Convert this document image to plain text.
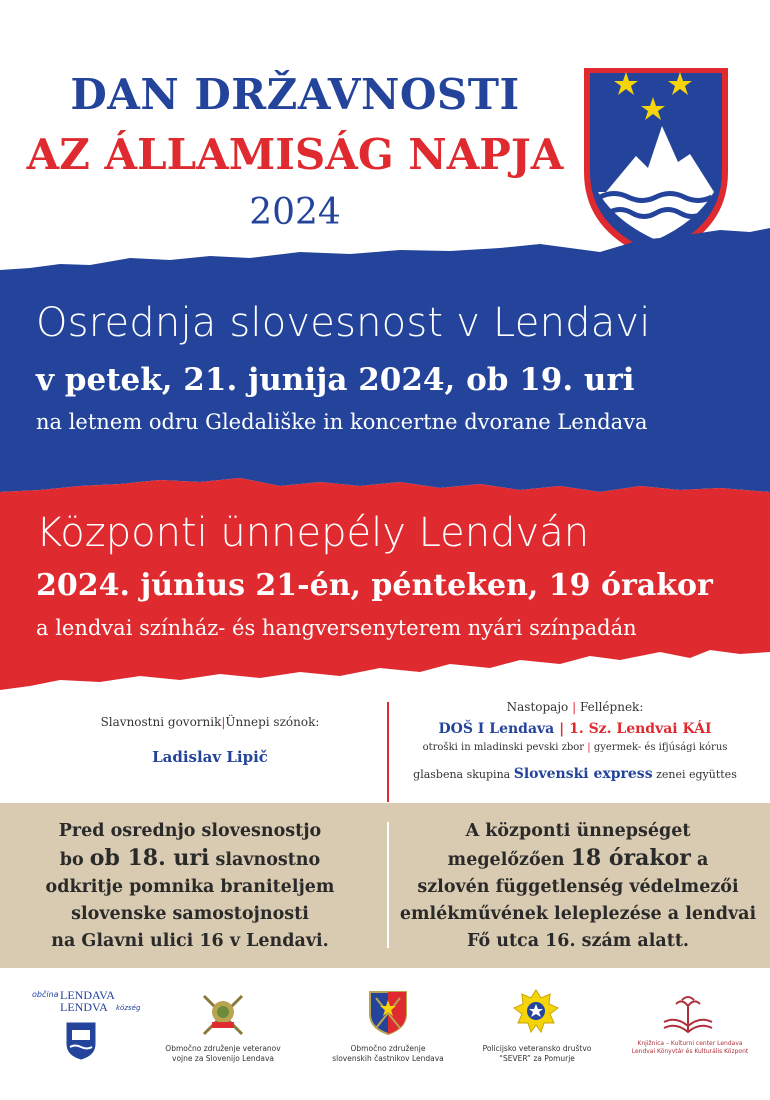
DAN DRŽAVNOSTI
AZ ÁLLAMISÁG NAPJA
2024
Osrednja slovesnost v Lendavi
v petek, 21. junija 2024, ob 19. uri
na letnem odru Gledališke in koncertne dvorane Lendava
Központi ünnepély Lendván
2024. június 21-én, pénteken, 19 órakor
a lendvai színház- és hangversenyterem nyári színpadán
Slavnostni govornik|Ünnepi szónok:
Ladislav Lipič
Nastopajo | Fellépnek:
DOŠ I Lendava | 1. Sz. Lendvai KÁI
otroški in mladinski pevski zbor | gyermek- és ifjúsági kórus
glasbena skupina Slovenski express zenei együttes
Pred osrednjo slovesnostjo
bo ob 18. uri slavnostno
odkritje pomnika braniteljem
slovenske samostojnosti
na Glavni ulici 16 v Lendavi.
A központi ünnepséget
megelőzően 18 órakor a
szlovén függetlenség védelmezői
emlékművének leleplezése a lendvai
Fő utca 16. szám alatt.
občina LENDAVA
LENDVA község
Območno združenje veteranov
vojne za Slovenijo Lendava
Območno združenje
slovenskih častnikov Lendava
Policijsko veteransko društvo
“SEVER” za Pomurje
Knjižnica – Kulturni center Lendava
Lendvai Könyvtár és Kulturális Központ
